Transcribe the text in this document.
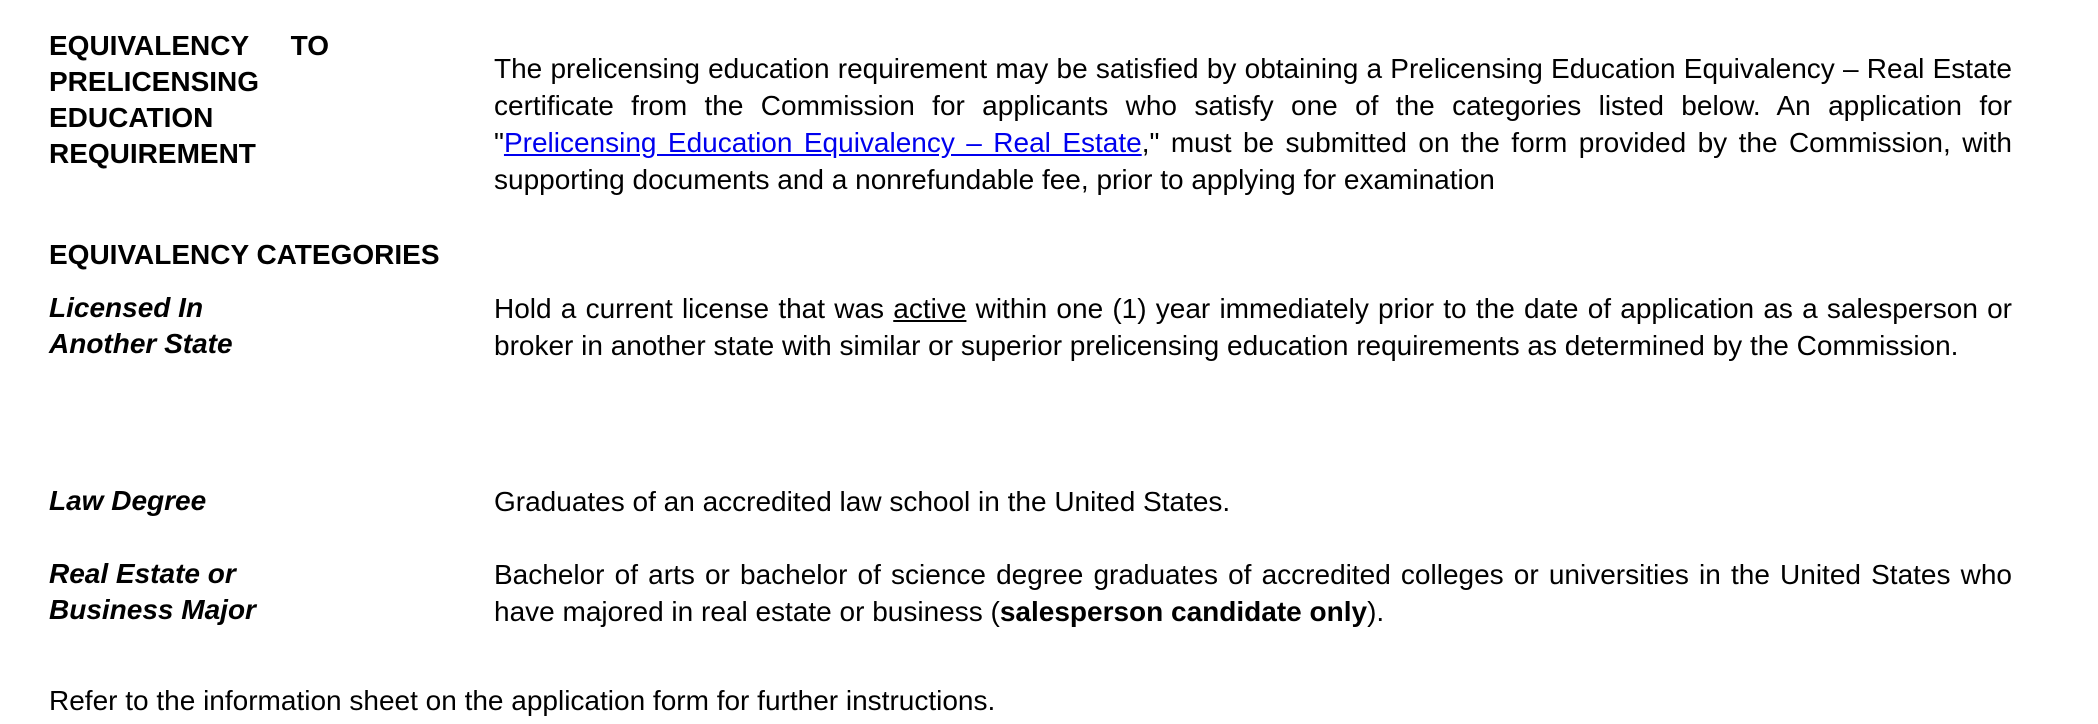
EQUIVALENCY TO
PRELICENSING
EDUCATION
REQUIREMENT
The prelicensing education requirement may be satisfied by obtaining a Prelicensing Education Equivalency – Real Estate certificate from the Commission for applicants who satisfy one of the categories listed below. An application for "Prelicensing Education Equivalency – Real Estate," must be submitted on the form provided by the Commission, with supporting documents and a nonrefundable fee, prior to applying for examination
EQUIVALENCY CATEGORIES
Licensed In
Another State
Hold a current license that was active within one (1) year immediately prior to the date of application as a salesperson or broker in another state with similar or superior prelicensing education requirements as determined by the Commission.
Law Degree	Graduates of an accredited law school in the United States.
Real Estate or
Business Major
Bachelor of arts or bachelor of science degree graduates of accredited colleges or universities in the United States who have majored in real estate or business (salesperson candidate only).
Refer to the information sheet on the application form for further instructions.
